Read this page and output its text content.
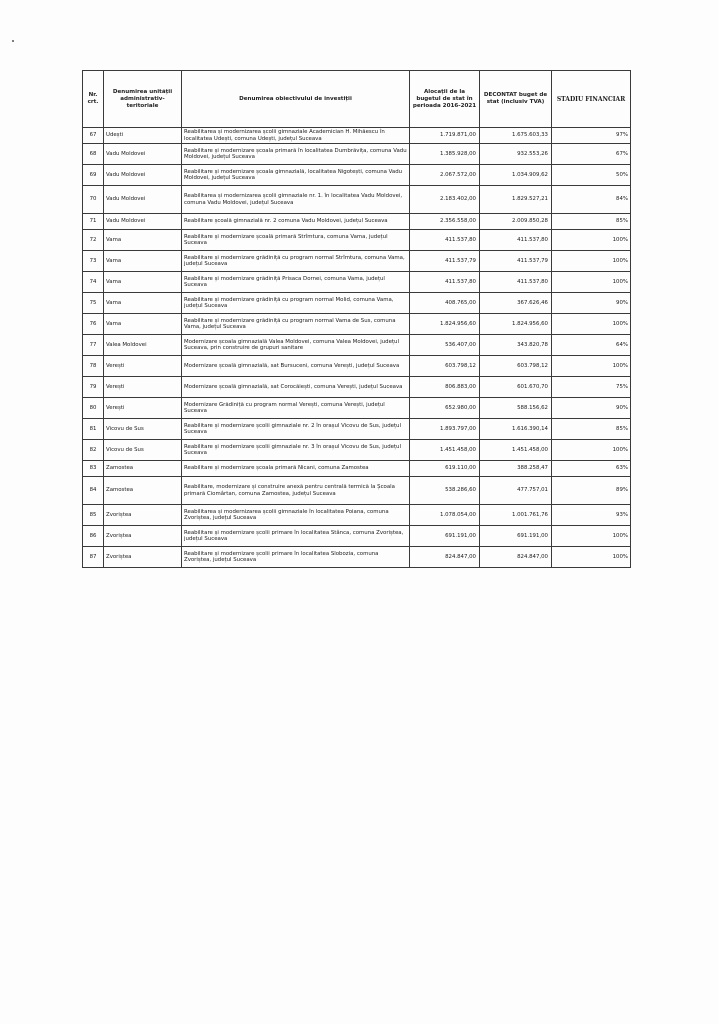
Nr. crt.	Denumirea unității administrativ-teritoriale	Denumirea obiectivului de investiții	Alocații de la bugetul de stat în perioada 2016-2021	DECONTAT buget de stat (inclusiv TVA)	STADIU FINANCIAR
67	Udești	Reabilitarea și modernizarea școlii gimnaziale Academician H. Mihăescu în localitatea Udești, comuna Udești, județul Suceava	1.719.871,00	1.675.603,33	97%
68	Vadu Moldovei	Reabilitare și modernizare școala primară în localitatea Dumbrăvița, comuna Vadu Moldovei, județul Suceava	1.385.928,00	932.553,26	67%
69	Vadu Moldovei	Reabilitare și modernizare școala gimnazială, localitatea Nigotești, comuna Vadu Moldovei, județul Suceava	2.067.572,00	1.034.909,62	50%
70	Vadu Moldovei	Reabilitarea și modernizarea școlii gimnaziale nr. 1. în localitatea Vadu Moldovei, comuna Vadu Moldovei, județul Suceava	2.183.402,00	1.829.527,21	84%
71	Vadu Moldovei	Reabilitare școală gimnazială nr. 2 comuna Vadu Moldovei, județul Suceava	2.356.558,00	2.009.850,28	85%
72	Vama	Reabilitare și modernizare școală primară Strîmtura, comuna Vama, județul Suceava	411.537,80	411.537,80	100%
73	Vama	Reabilitare și modernizare grădiniță cu program normal Strîmtura, comuna Vama, județul Suceava	411.537,79	411.537,79	100%
74	Vama	Reabilitare și modernizare grădiniță Prisaca Dornei, comuna Vama, județul Suceava	411.537,80	411.537,80	100%
75	Vama	Reabilitare și modernizare grădiniță cu program normal Molid, comuna Vama, județul Suceava	408.765,00	367.626,46	90%
76	Vama	Reabilitare și modernizare grădiniță cu program normal Vama de Sus, comuna Vama, județul Suceava	1.824.956,60	1.824.956,60	100%
77	Valea Moldovei	Modernizare școala gimnazială Valea Moldovei, comuna Valea Moldovei, județul Suceava, prin construire de grupuri sanitare	536.407,00	343.820,78	64%
78	Verești	Modernizare școală gimnazială, sat Bursuceni, comuna Verești, județul Suceava	603.798,12	603.798,12	100%
79	Verești	Modernizare școală gimnazială, sat Corocăiești, comuna Verești, județul Suceava	806.883,00	601.670,70	75%
80	Verești	Modernizare Grădiniță cu program normal Verești, comuna Verești, județul Suceava	652.980,00	588.156,62	90%
81	Vicovu de Sus	Reabilitare și modernizare școlii gimnaziale nr. 2 în orașul Vicovu de Sus, județul Suceava	1.893.797,00	1.616.390,14	85%
82	Vicovu de Sus	Reabilitare și modernizare școlii gimnaziale nr. 3 în orașul Vicovu de Sus, județul Suceava	1.451.458,00	1.451.458,00	100%
83	Zamostea	Reabilitare și modernizare școala primară Nicani, comuna Zamostea	619.110,00	388.258,47	63%
84	Zamostea	Reabilitare, modernizare și construire anexă pentru centrală termică la Școala primară Ciomârtan, comuna Zamostea, județul Suceava	538.286,60	477.757,01	89%
85	Zvoriștea	Reabilitarea și modernizarea școlii gimnaziale în localitatea Poiana, comuna Zvoriștea, județul Suceava	1.078.054,00	1.001.761,76	93%
86	Zvoriștea	Reabilitare și modernizare școlii primare în localitatea Stânca, comuna Zvoriștea, județul Suceava	691.191,00	691.191,00	100%
87	Zvoriștea	Reabilitare și modernizare școlii primare în localitatea Slobozia, comuna Zvoriștea, județul Suceava	824.847,00	824.847,00	100%
